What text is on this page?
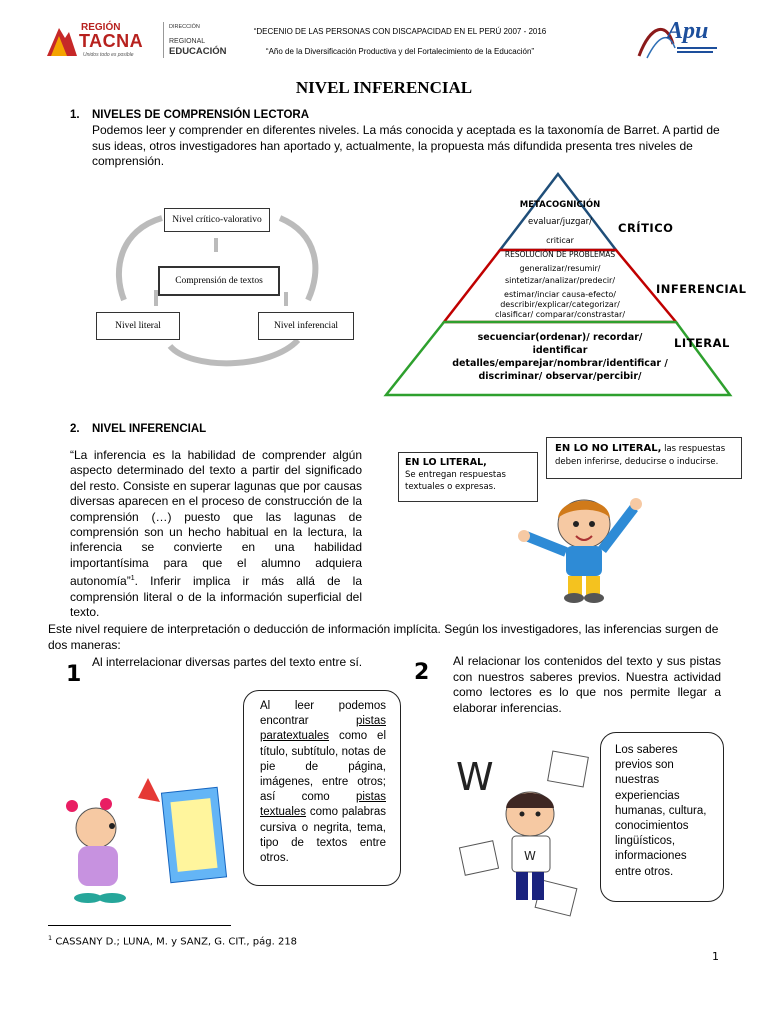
REGIÓN
TACNA
Unidos todo es posible
DIRECCIÓN
REGIONAL
EDUCACIÓN
“DECENIO DE LAS PERSONAS CON DISCAPACIDAD EN EL PERÚ 2007 - 2016
“Año de la Diversificación Productiva y del Fortalecimiento de la Educación”
Apu
NIVEL INFERENCIAL
1. NIVELES DE COMPRENSIÓN LECTORA
Podemos leer y comprender en diferentes niveles. La más conocida y aceptada es la taxonomía de Barret. A partid de sus ideas, otros investigadores han aportado y, actualmente, la propuesta más difundida presenta tres niveles de comprensión.
Nivel crítico-valorativo
Comprensión de textos
Nivel literal	Nivel inferencial
METACOGNICIÓN
evaluar/juzgar/
criticar
RESOLUCIÓN DE PROBLEMAS
generalizar/resumir/
sintetizar/analizar/predecir/
estimar/inciar causa-efecto/
describir/explicar/categorizar/
clasificar/ comparar/constrastar/
secuenciar(ordenar)/ recordar/
identificar
detalles/emparejar/nombrar/identificar /
discriminar/ observar/percibir/
CRÍTICO
INFERENCIAL
LITERAL
2. NIVEL INFERENCIAL
“La inferencia es la habilidad de comprender algún aspecto determinado del texto a partir del significado del resto. Consiste en superar lagunas que por causas diversas aparecen en el proceso de construcción de la comprensión (…) puesto que las lagunas de comprensión son un hecho habitual en la lectura, la inferencia se convierte en una habilidad importantísima para que el alumno adquiera autonomía”$^1$. Inferir implica ir más allá de la comprensión literal o de la información superficial del texto.
EN LO LITERAL,
Se entregan respuestas textuales o expresas.
EN LO NO LITERAL, las respuestas deben inferirse, deducirse o inducirse.
Este nivel requiere de interpretación o deducción de información implícita. Según los investigadores, las inferencias surgen de dos maneras:
1 Al interrelacionar diversas partes del texto entre sí. 2 Al relacionar los contenidos del texto y sus pistas con nuestros saberes previos. Nuestra actividad como lectores es lo que nos permite llegar a elaborar inferencias.
Al leer podemos encontrar pistas paratextuales como el título, subtítulo, notas de pie de página, imágenes, entre otros; así como pistas textuales como palabras cursiva o negrita, tema, tipo de textos entre otros.
Los saberes previos son nuestras experiencias humanas, cultura, conocimientos lingüísticos, informaciones entre otros.
W
W
$^1$ CASSANY D.; LUNA, M. y SANZ, G. CIT., pág. 218
1
